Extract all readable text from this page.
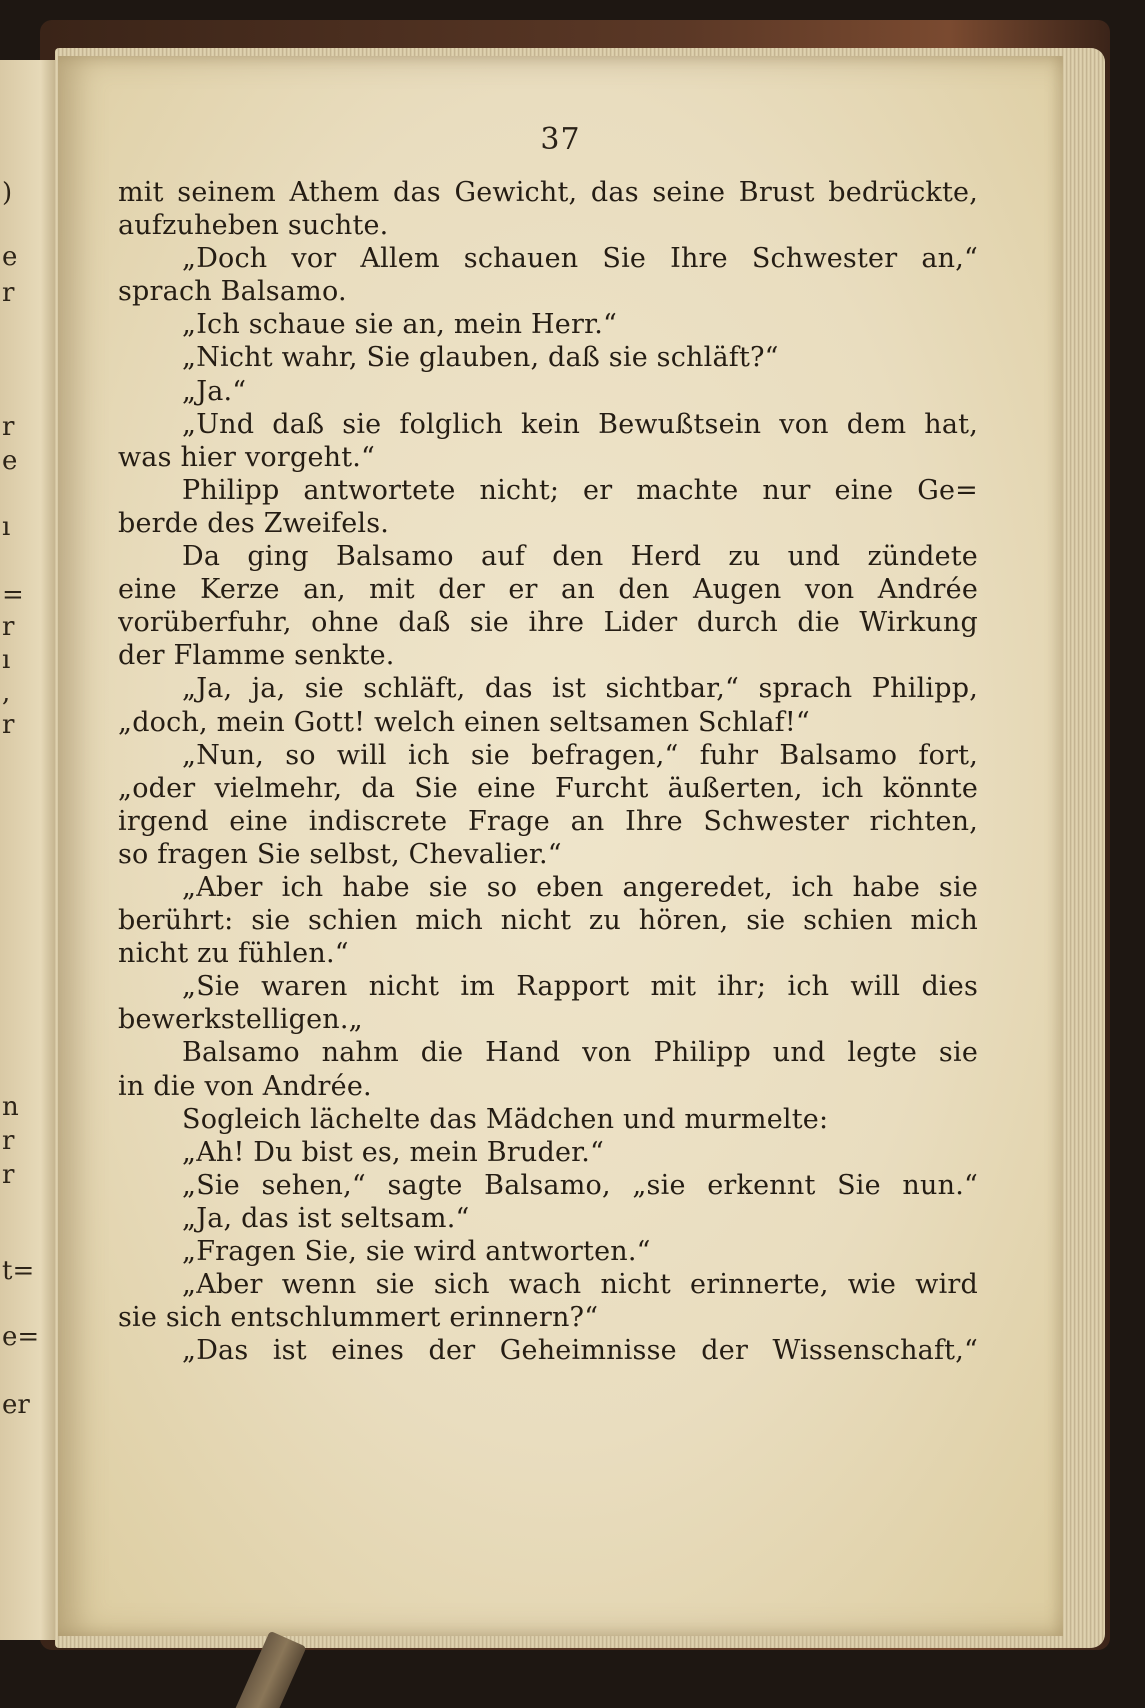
)
e
r
r
e
ı
=
r
ı
,
r
n
r
r
t=
e=
er
37
mit seinem Athem das Gewicht, das seine Brust bedrückte,
aufzuheben suchte.
„Doch vor Allem schauen Sie Ihre Schwester an,“
sprach Balsamo.
„Ich schaue sie an, mein Herr.“
„Nicht wahr, Sie glauben, daß sie schläft?“
„Ja.“
„Und daß sie folglich kein Bewußtsein von dem hat,
was hier vorgeht.“
Philipp antwortete nicht; er machte nur eine Ge=
berde des Zweifels.
Da ging Balsamo auf den Herd zu und zündete
eine Kerze an, mit der er an den Augen von Andrée
vorüberfuhr, ohne daß sie ihre Lider durch die Wirkung
der Flamme senkte.
„Ja, ja, sie schläft, das ist sichtbar,“ sprach Philipp,
„doch, mein Gott! welch einen seltsamen Schlaf!“
„Nun, so will ich sie befragen,“ fuhr Balsamo fort,
„oder vielmehr, da Sie eine Furcht äußerten, ich könnte
irgend eine indiscrete Frage an Ihre Schwester richten,
so fragen Sie selbst, Chevalier.“
„Aber ich habe sie so eben angeredet, ich habe sie
berührt: sie schien mich nicht zu hören, sie schien mich
nicht zu fühlen.“
„Sie waren nicht im Rapport mit ihr; ich will dies
bewerkstelligen.„
Balsamo nahm die Hand von Philipp und legte sie
in die von Andrée.
Sogleich lächelte das Mädchen und murmelte:
„Ah! Du bist es, mein Bruder.“
„Sie sehen,“ sagte Balsamo, „sie erkennt Sie nun.“
„Ja, das ist seltsam.“
„Fragen Sie, sie wird antworten.“
„Aber wenn sie sich wach nicht erinnerte, wie wird
sie sich entschlummert erinnern?“
„Das ist eines der Geheimnisse der Wissenschaft,“
